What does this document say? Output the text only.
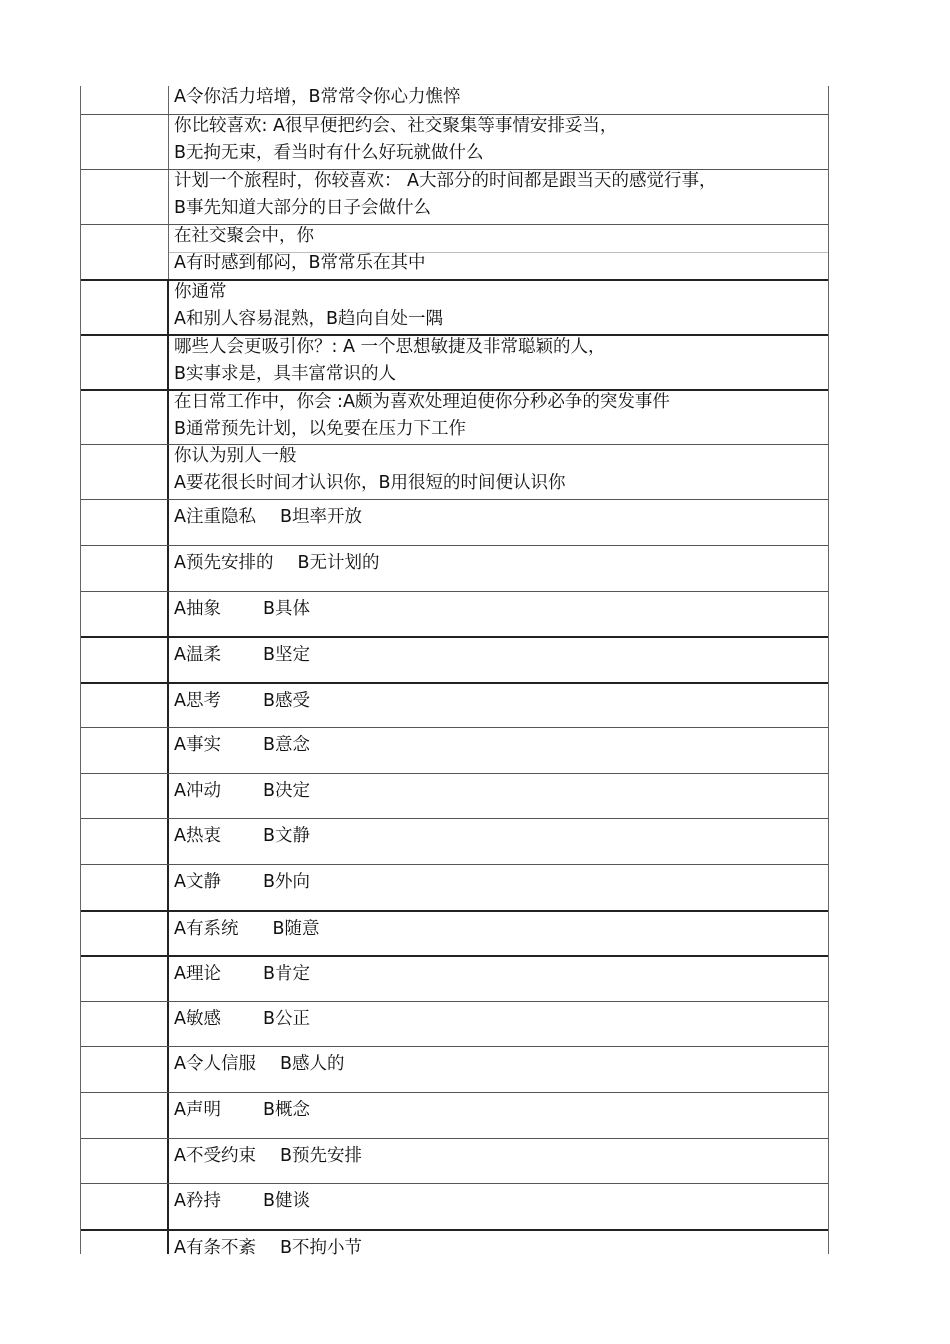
A令你活力培增，B常常令你心力憔悴
你比较喜欢: A很早便把约会、社交聚集等事情安排妥当，
B无拘无束，看当时有什么好玩就做什么
计划一个旅程时，你较喜欢： A大部分的时间都是跟当天的感觉行事，
B事先知道大部分的日子会做什么
在社交聚会中，你
A有时感到郁闷，B常常乐在其中
你通常
A和别人容易混熟，B趋向自处一隅
哪些人会更吸引你？: A 一个思想敏捷及非常聪颖的人，
B实事求是，具丰富常识的人
在日常工作中，你会 :A颇为喜欢处理迫使你分秒必争的突发事件
B通常预先计划，以免要在压力下工作
你认为别人一般
A要花很长时间才认识你，B用很短的时间便认识你
A注重隐私 B坦率开放
A预先安排的 B无计划的
A抽象 B具体
A温柔 B坚定
A思考 B感受
A事实 B意念
A冲动 B决定
A热衷 B文静
A文静 B外向
A有系统 B随意
A理论 B肯定
A敏感 B公正
A令人信服 B感人的
A声明 B概念
A不受约束 B预先安排
A矜持 B健谈
A有条不紊 B不拘小节
